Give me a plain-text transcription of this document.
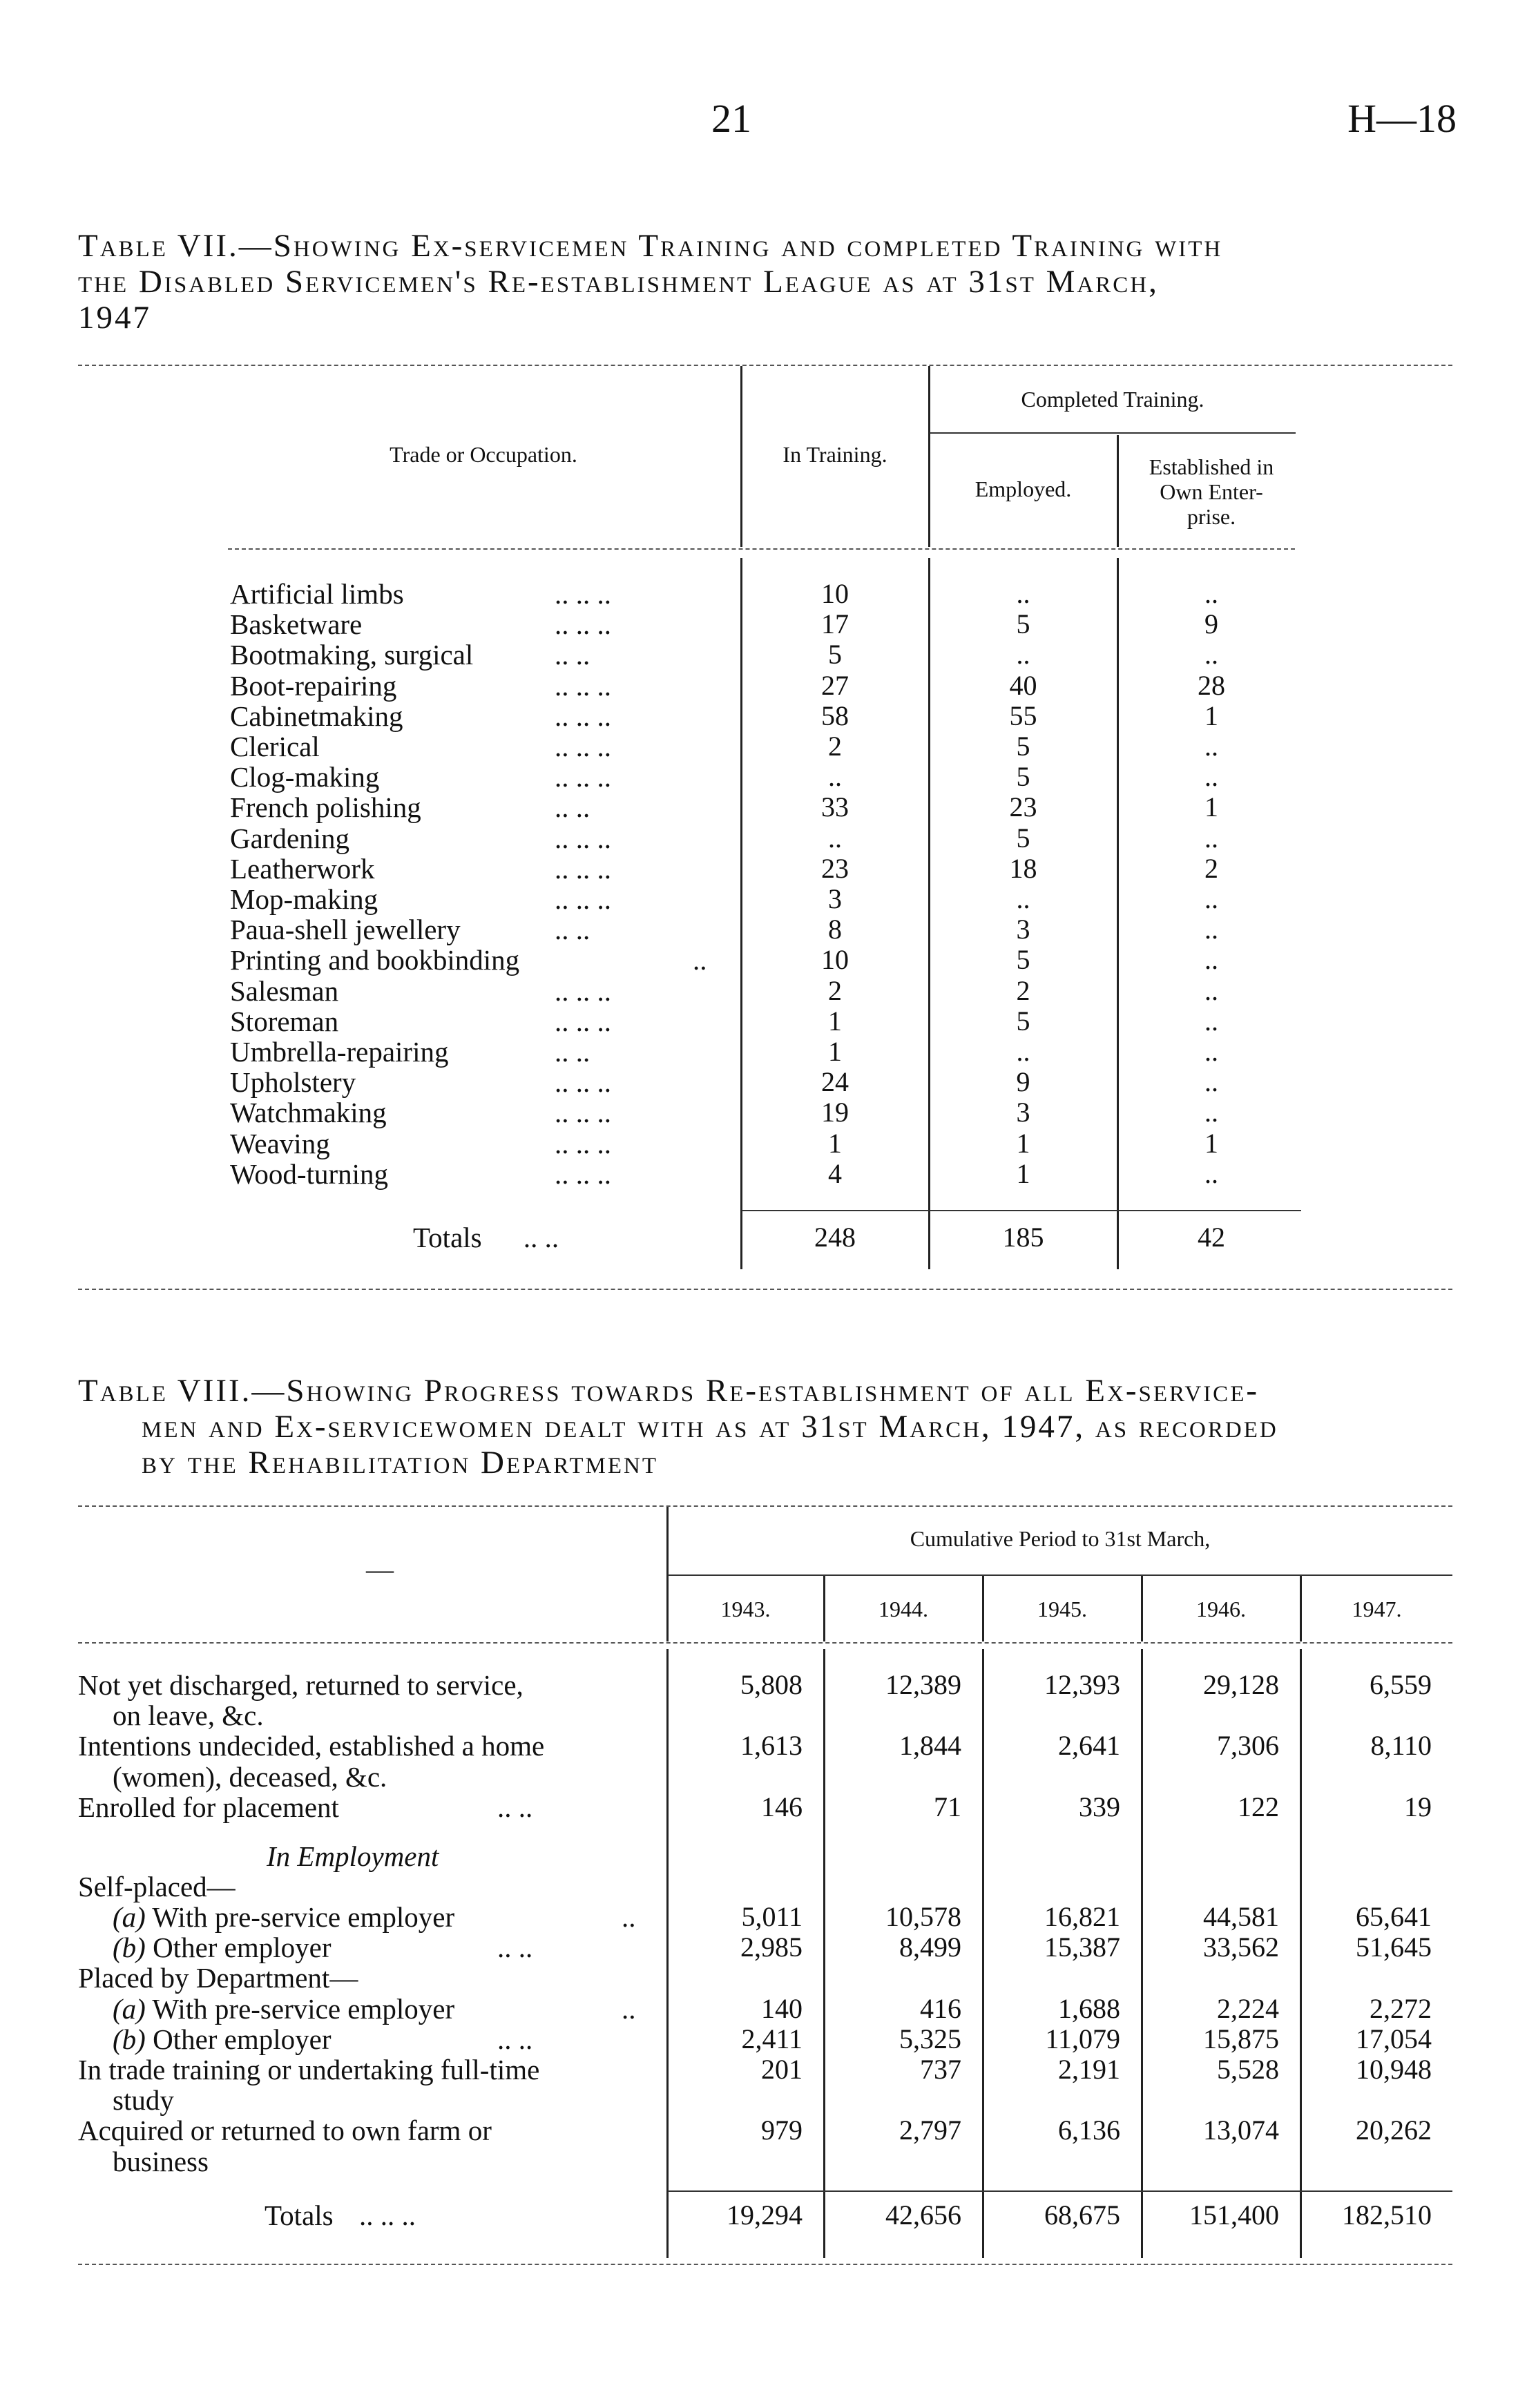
21	H—18
Table VII.—Showing Ex-servicemen Training and completed Training with
the Disabled Servicemen's Re-establishment League as at 31st March,
1947
Trade or Occupation.	In Training.
Completed Training.
Employed.
Established in
Own Enter-
prise.
Artificial limbs	.. .. ..	10	..	..
Basketware	.. .. ..	17	5	9
Bootmaking, surgical	.. ..	5	..	..
Boot-repairing	.. .. ..	27	40	28
Cabinetmaking	.. .. ..	58	55	1
Clerical	.. .. ..	2	5	..
Clog-making	.. .. ..	..	5	..
French polishing	.. ..	33	23	1
Gardening	.. .. ..	..	5	..
Leatherwork	.. .. ..	23	18	2
Mop-making	.. .. ..	3	..	..
Paua-shell jewellery	.. ..	8	3	..
Printing and bookbinding	..	10	5	..
Salesman	.. .. ..	2	2	..
Storeman	.. .. ..	1	5	..
Umbrella-repairing	.. ..	1	..	..
Upholstery	.. .. ..	24	9	..
Watchmaking	.. .. ..	19	3	..
Weaving	.. .. ..	1	1	1
Wood-turning	.. .. ..	4	1	..
Totals .. ..	248	185	42
Table VIII.—Showing Progress towards Re-establishment of all Ex-service-
men and Ex-servicewomen dealt with as at 31st March, 1947, as recorded
by the Rehabilitation Department
—
Cumulative Period to 31st March,
1943.	1944.	1945.	1946.	1947.
Not yet discharged, returned to service,
on leave, &c.
5,808	12,389	12,393	29,128	6,559
Intentions undecided, established a home
(women), deceased, &c.
1,613	1,844	2,641	7,306	8,110
Enrolled for placement	.. ..	146	71	339	122	19
In Employment
Self-placed—
(a) With pre-service employer	..	5,011	10,578	16,821	44,581	65,641
(b) Other employer	.. ..	2,985	8,499	15,387	33,562	51,645
Placed by Department—
(a) With pre-service employer	..	140	416	1,688	2,224	2,272
(b) Other employer	.. ..	2,411	5,325	11,079	15,875	17,054
In trade training or undertaking full-time
study
201	737	2,191	5,528	10,948
Acquired or returned to own farm or
business
979	2,797	6,136	13,074	20,262
Totals .. .. ..	19,294	42,656	68,675	151,400	182,510
